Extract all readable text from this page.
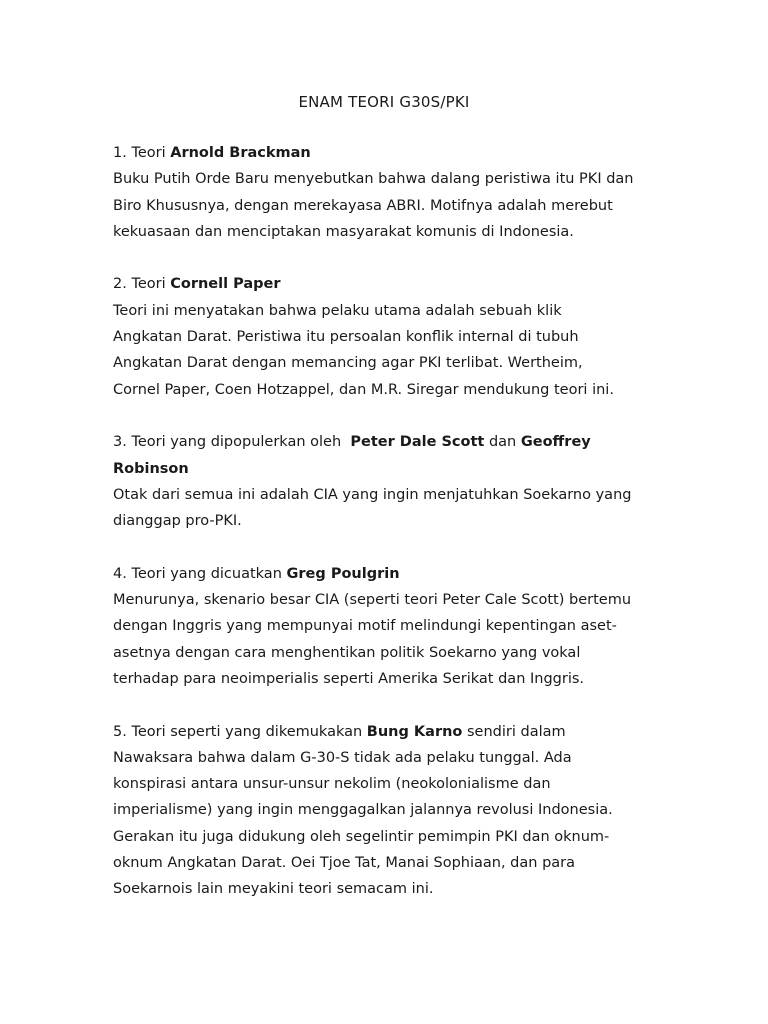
ENAM TEORI G30S/PKI
1. Teori Arnold Brackman
Buku Putih Orde Baru menyebutkan bahwa dalang peristiwa itu PKI dan
Biro Khususnya, dengan merekayasa ABRI. Motifnya adalah merebut
kekuasaan dan menciptakan masyarakat komunis di Indonesia.
2. Teori Cornell Paper
Teori ini menyatakan bahwa pelaku utama adalah sebuah klik
Angkatan Darat. Peristiwa itu persoalan konflik internal di tubuh
Angkatan Darat dengan memancing agar PKI terlibat. Wertheim,
Cornel Paper, Coen Hotzappel, dan M.R. Siregar mendukung teori ini.
3. Teori yang dipopulerkan oleh  Peter Dale Scott dan Geoffrey
Robinson
Otak dari semua ini adalah CIA yang ingin menjatuhkan Soekarno yang
dianggap pro-PKI.
4. Teori yang dicuatkan Greg Poulgrin
Menurunya, skenario besar CIA (seperti teori Peter Cale Scott) bertemu
dengan Inggris yang mempunyai motif melindungi kepentingan aset-
asetnya dengan cara menghentikan politik Soekarno yang vokal
terhadap para neoimperialis seperti Amerika Serikat dan Inggris.
5. Teori seperti yang dikemukakan Bung Karno sendiri dalam
Nawaksara bahwa dalam G-30-S tidak ada pelaku tunggal. Ada
konspirasi antara unsur-unsur nekolim (neokolonialisme dan
imperialisme) yang ingin menggagalkan jalannya revolusi Indonesia.
Gerakan itu juga didukung oleh segelintir pemimpin PKI dan oknum-
oknum Angkatan Darat. Oei Tjoe Tat, Manai Sophiaan, dan para
Soekarnois lain meyakini teori semacam ini.
